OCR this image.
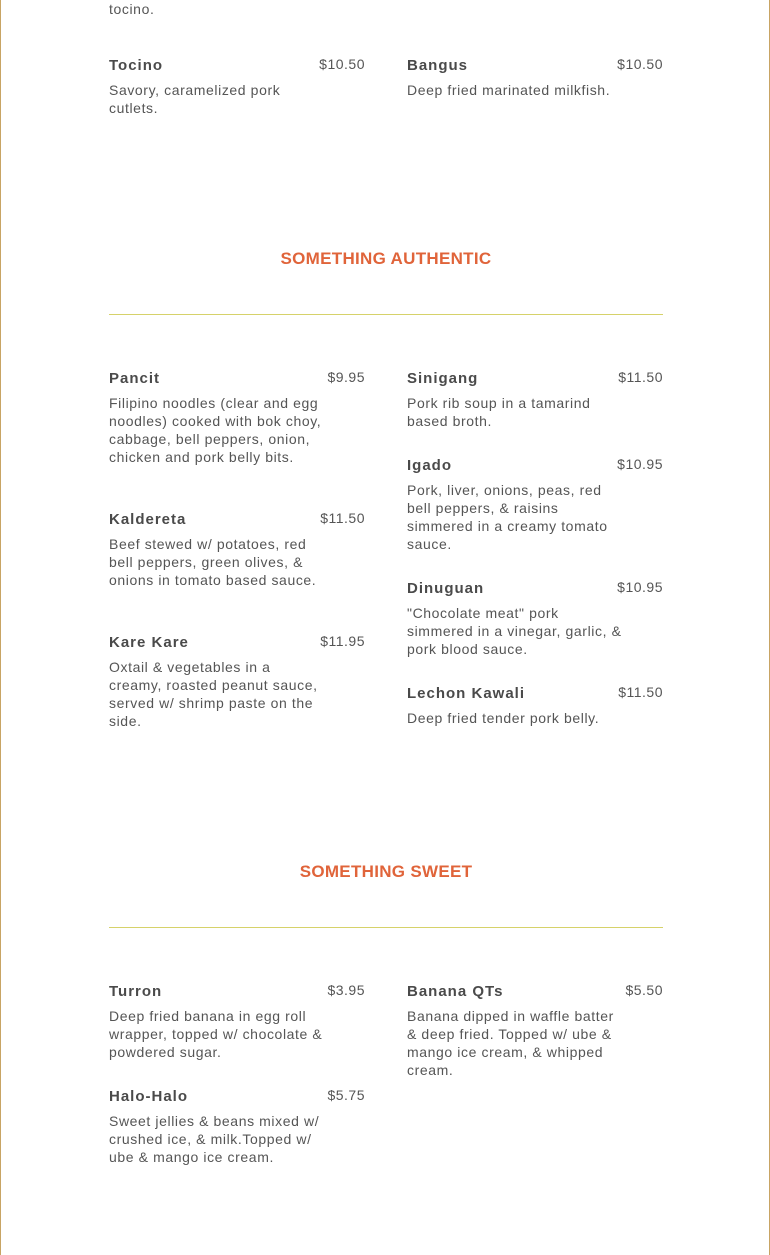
tocino.
Tocino	$10.50
Savory, caramelized pork cutlets.
Bangus	$10.50
Deep fried marinated milkfish.
SOMETHING AUTHENTIC
Pancit	$9.95
Filipino noodles (clear and egg noodles) cooked with bok choy, cabbage, bell peppers, onion, chicken and pork belly bits.
Kaldereta	$11.50
Beef stewed w/ potatoes, red bell peppers, green olives, & onions in tomato based sauce.
Kare Kare	$11.95
Oxtail & vegetables in a creamy, roasted peanut sauce, served w/ shrimp paste on the side.
Sinigang	$11.50
Pork rib soup in a tamarind based broth.
Igado	$10.95
Pork, liver, onions, peas, red bell peppers, & raisins simmered in a creamy tomato sauce.
Dinuguan	$10.95
"Chocolate meat" pork simmered in a vinegar, garlic, & pork blood sauce.
Lechon Kawali	$11.50
Deep fried tender pork belly.
SOMETHING SWEET
Turron	$3.95
Deep fried banana in egg roll wrapper, topped w/ chocolate & powdered sugar.
Halo-Halo	$5.75
Sweet jellies & beans mixed w/ crushed ice, & milk.Topped w/ ube & mango ice cream.
Banana QTs	$5.50
Banana dipped in waffle batter & deep fried. Topped w/ ube & mango ice cream, & whipped cream.
